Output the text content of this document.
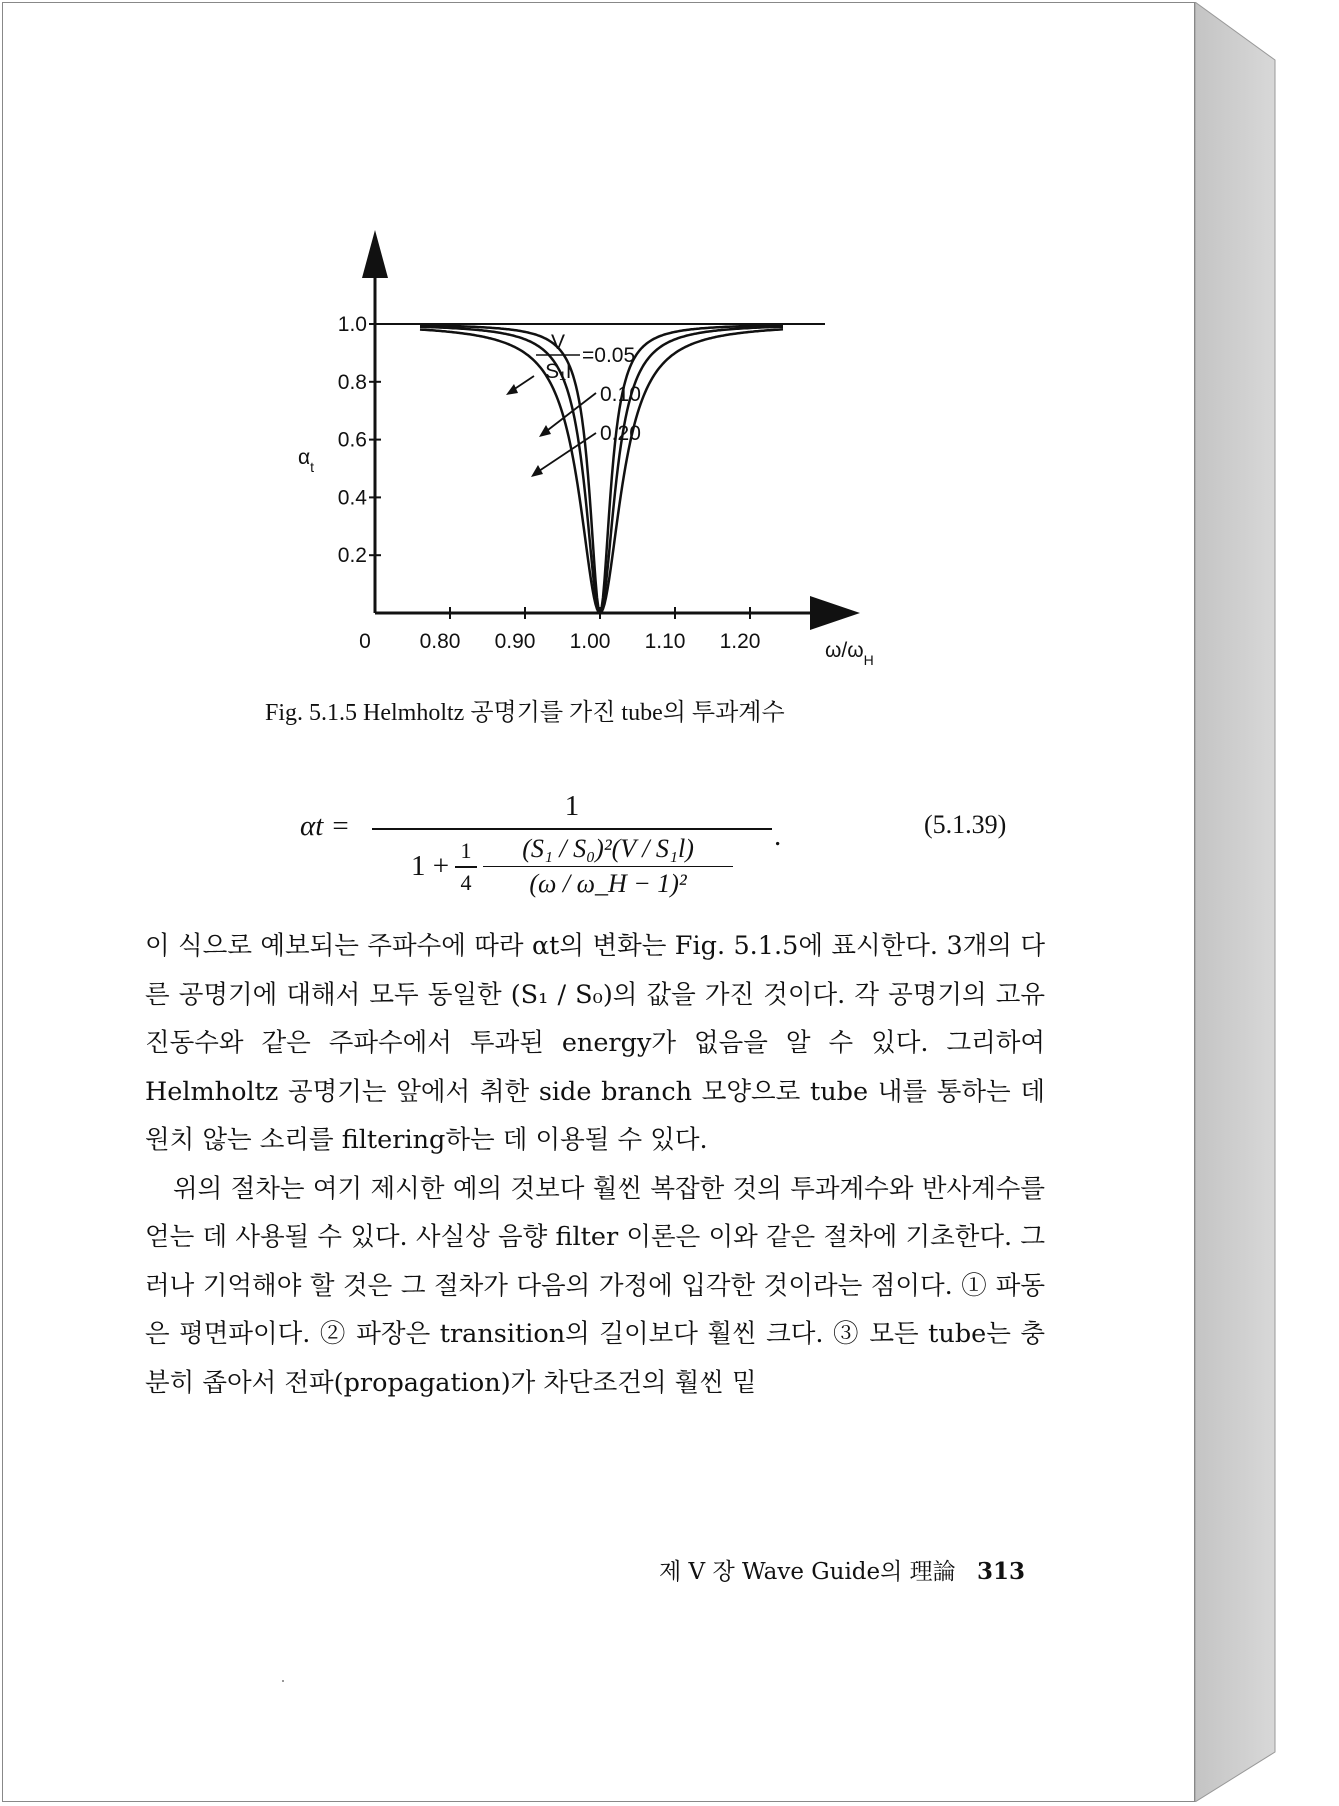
0.2
0.4
0.6
0.8
1.0
0 0.80 0.90 1.00 1.10 1.20	$\omega/\omega_H$
$\alpha_t$
V
S₁l
=0.05
0.10
0.20
Fig. 5.1.5 Helmholtz 공명기를 가진 tube의 투과계수
αt =
1
$1 + \frac{1}{4} \frac{\text{(S₁ / S₀)²(V / S₁l)}}{\text{(ω / ω\_H − 1)²}}$ .	(5.1.39)

이 식으로 예보되는 주파수에 따라 αt의 변화는 Fig. 5.1.5에 표시한다. 3개의 다른 공명기에 대해서 모두 동일한 (S₁ / S₀)의 값을 가진 것이다. 각 공명기의 고유 진동수와 같은 주파수에서 투과된 energy가 없음을 알 수 있다. 그리하여 Helmholtz 공명기는 앞에서 취한 side branch 모양으로 tube 내를 통하는 데 원치 않는 소리를 filtering하는 데 이용될 수 있다.

위의 절차는 여기 제시한 예의 것보다 훨씬 복잡한 것의 투과계수와 반사계수를 얻는 데 사용될 수 있다. 사실상 음향 filter 이론은 이와 같은 절차에 기초한다. 그러나 기억해야 할 것은 그 절차가 다음의 가정에 입각한 것이라는 점이다. ① 파동은 평면파이다. ② 파장은 transition의 길이보다 훨씬 크다. ③ 모든 tube는 충분히 좁아서 전파(propagation)가 차단조건의 훨씬 밑

제 V 장 Wave Guide의 理論 313
